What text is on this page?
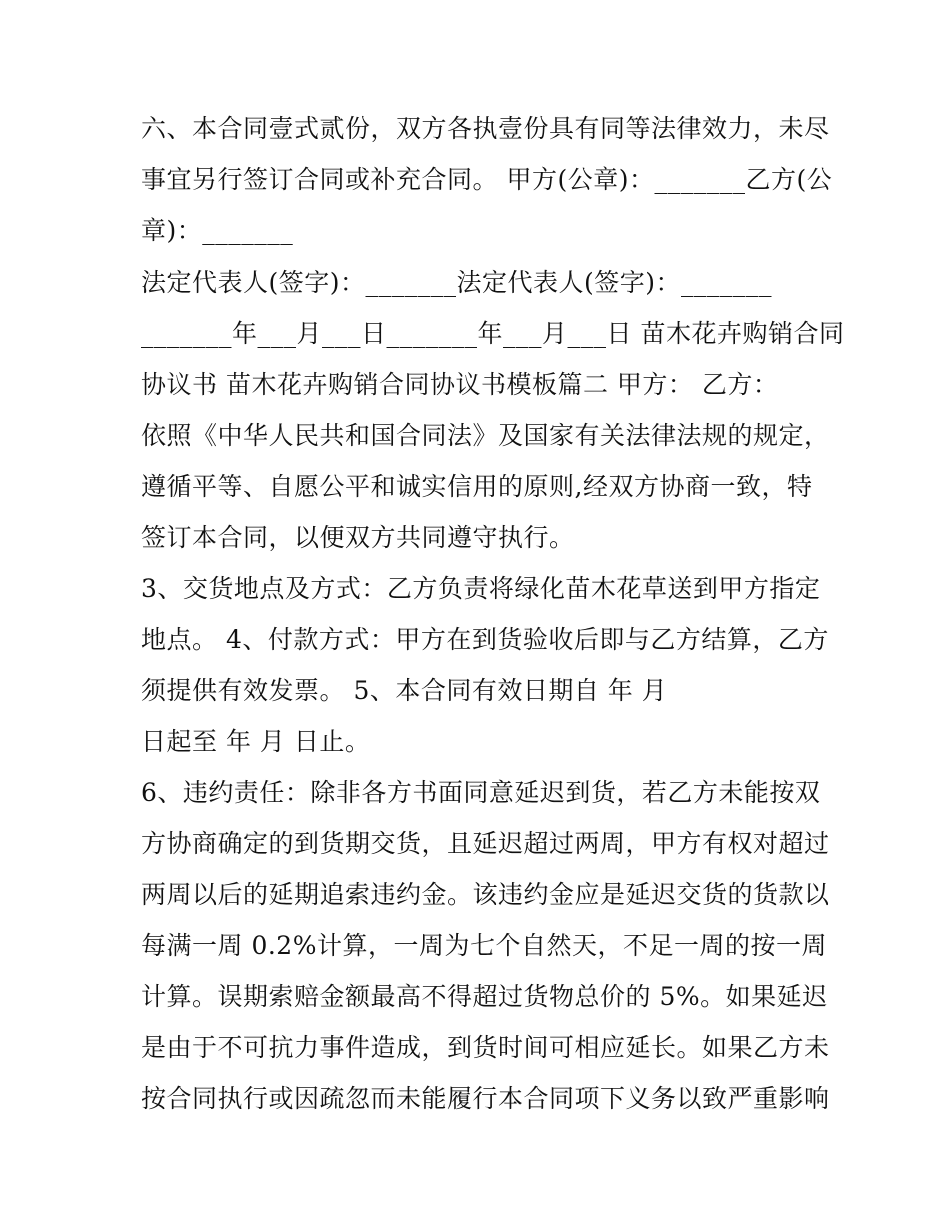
六、本合同壹式贰份，双方各执壹份具有同等法律效力，未尽
事宜另行签订合同或补充合同。 甲方(公章)：_______乙方(公
章)：_______
法定代表人(签字)：_______法定代表人(签字)：_______
_______年___月___日_______年___月___日 苗木花卉购销合同
协议书 苗木花卉购销合同协议书模板篇二 甲方： 乙方：
依照《中华人民共和国合同法》及国家有关法律法规的规定，
遵循平等、自愿公平和诚实信用的原则,经双方协商一致，特
签订本合同，以便双方共同遵守执行。
3、交货地点及方式：乙方负责将绿化苗木花草送到甲方指定
地点。 4、付款方式：甲方在到货验收后即与乙方结算，乙方
须提供有效发票。 5、本合同有效日期自 年 月
日起至 年 月 日止。
6、违约责任：除非各方书面同意延迟到货，若乙方未能按双
方协商确定的到货期交货，且延迟超过两周，甲方有权对超过
两周以后的延期追索违约金。该违约金应是延迟交货的货款以
每满一周 0.2%计算，一周为七个自然天，不足一周的按一周
计算。误期索赔金额最高不得超过货物总价的 5%。如果延迟
是由于不可抗力事件造成，到货时间可相应延长。如果乙方未
按合同执行或因疏忽而未能履行本合同项下义务以致严重影响
